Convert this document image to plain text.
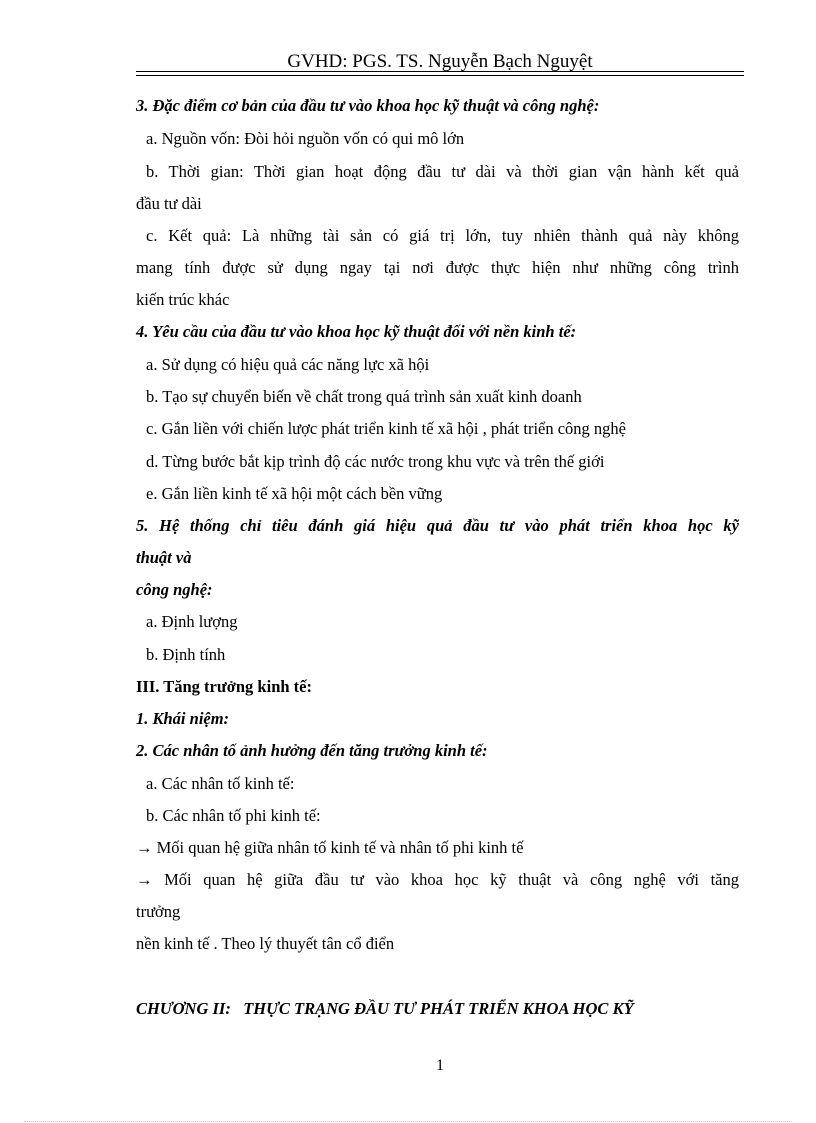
GVHD: PGS. TS. Nguyễn Bạch Nguyệt
3. Đặc điểm cơ bản của đầu tư vào khoa học kỹ thuật và công nghệ:
a. Nguồn vốn: Đòi hỏi nguồn vốn có qui mô lớn
b. Thời gian: Thời gian hoạt động đầu tư dài và thời gian vận hành kết quả
đầu tư dài
c. Kết quả: Là những tài sản có giá trị lớn, tuy nhiên thành quả này không
mang tính được sử dụng ngay tại nơi được thực hiện như những công trình
kiến trúc khác
4. Yêu cầu của đầu tư vào khoa học kỹ thuật đối với nền kinh tế:
a. Sử dụng có hiệu quả các năng lực xã hội
b. Tạo sự chuyển biến về chất trong quá trình sản xuất kinh doanh
c. Gắn liền với chiến lược phát triển kinh tế xã hội , phát triển công nghệ
d. Từng bước bắt kịp trình độ các nước trong khu vực và trên thế giới
e. Gắn liền kinh tế xã hội một cách bền vững
5. Hệ thống chỉ tiêu đánh giá hiệu quả đầu tư vào phát triển khoa học kỹ
thuật và
công nghệ:
a. Định lượng
b. Định tính
III. Tăng trưởng kinh tế:
1. Khái niệm:
2. Các nhân tố ảnh hưởng đến tăng trưởng kinh tế:
a. Các nhân tố kinh tế:
b. Các nhân tố phi kinh tế:
→ Mối quan hệ giữa nhân tố kinh tế và nhân tố phi kinh tế
→ Mối quan hệ giữa đầu tư vào khoa học kỹ thuật và công nghệ với tăng
trưởng
nền kinh tế . Theo lý thuyết tân cổ điển
CHƯƠNG II:   THỰC TRẠNG ĐẦU TƯ PHÁT TRIỂN KHOA HỌC KỸ
1
